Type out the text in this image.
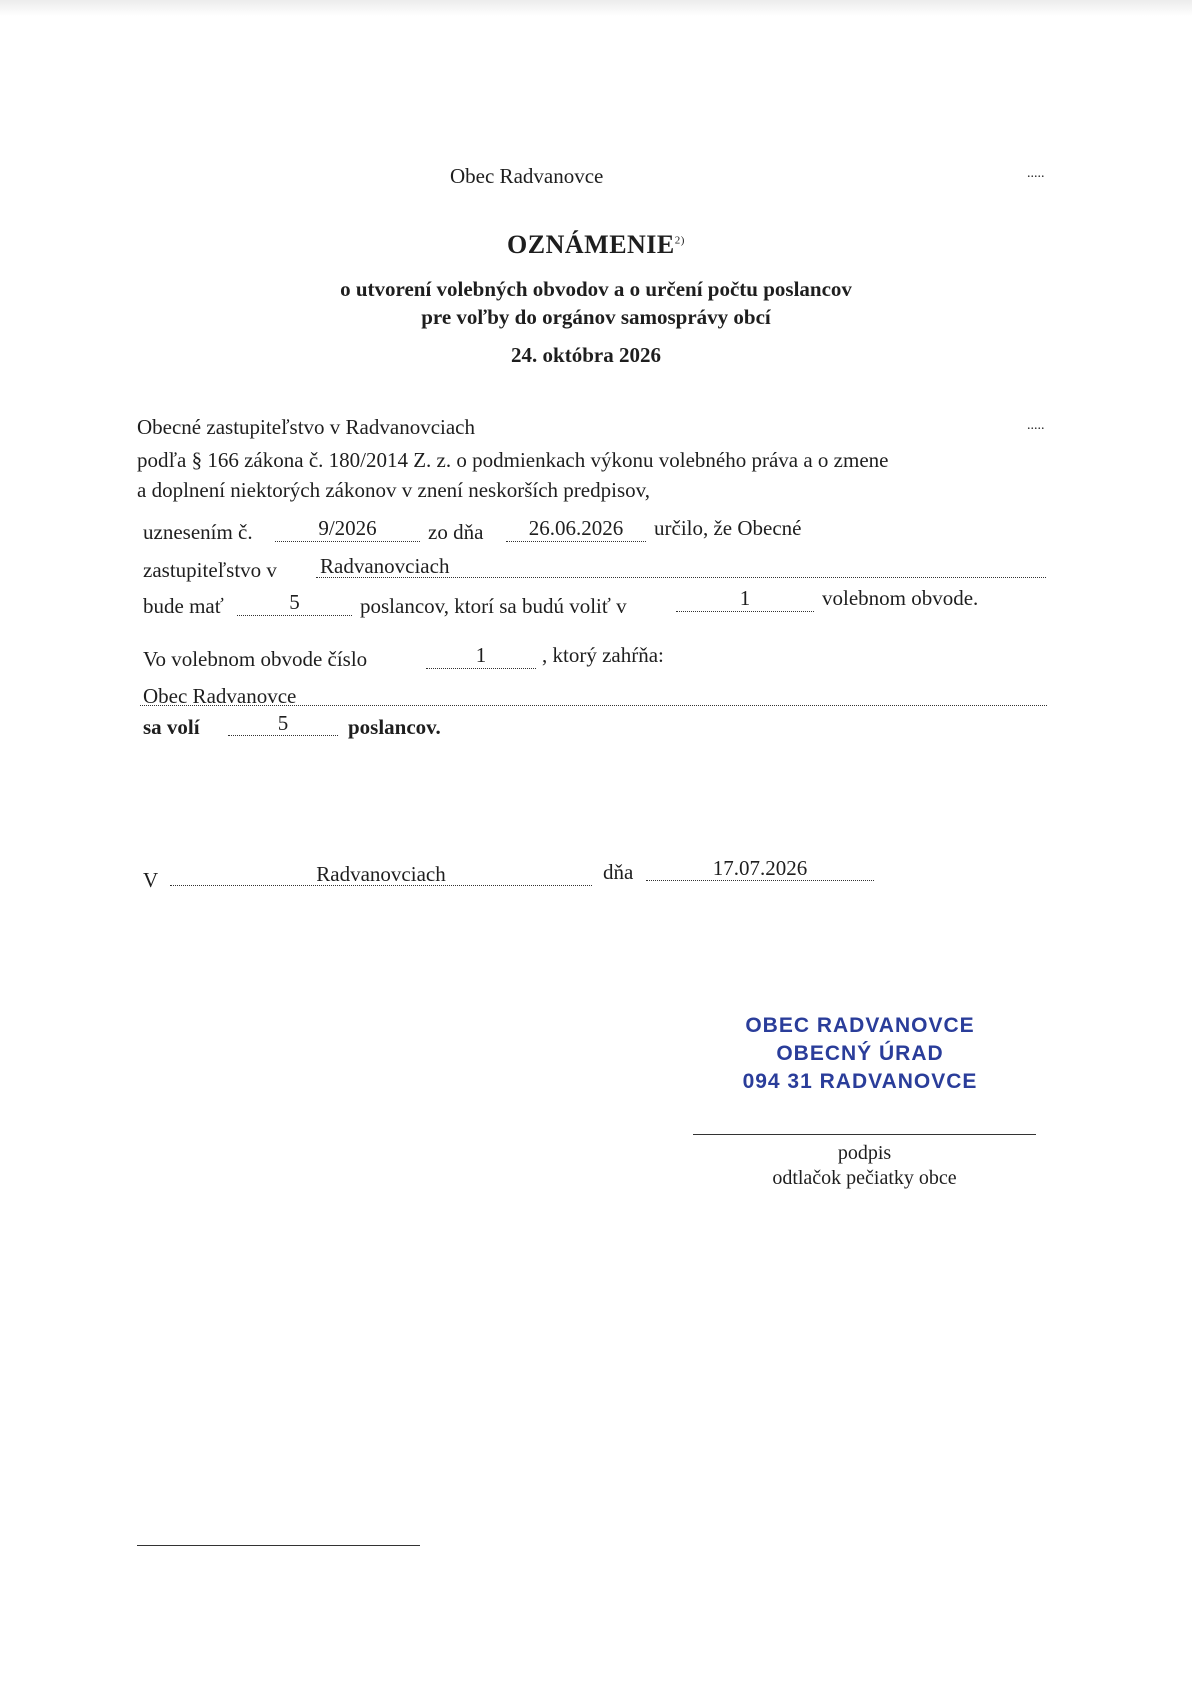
Obec Radvanovce	.....
OZNÁMENIE$^{2)}$
o utvorení volebných obvodov a o určení počtu poslancov
pre voľby do orgánov samosprávy obcí
24. októbra 2026
Obecné zastupiteľstvo v Radvanovciach	.....
podľa § 166 zákona č. 180/2014 Z. z. o podmienkach výkonu volebného práva a o zmene
a doplnení niektorých zákonov v znení neskorších predpisov,
uznesením č.	9/2026	zo dňa	26.06.2026	určilo, že Obecné
zastupiteľstvo v Radvanovciach
bude mať	5	poslancov, ktorí sa budú voliť v	1	volebnom obvode.
Vo volebnom obvode číslo	1	, ktorý zahŕňa:
Obec Radvanovce
sa volí	5	poslancov.
V	Radvanovciach	dňa	17.07.2026
OBEC RADVANOVCE
OBECNÝ ÚRAD
094 31 RADVANOVCE
podpis
odtlačok pečiatky obce
